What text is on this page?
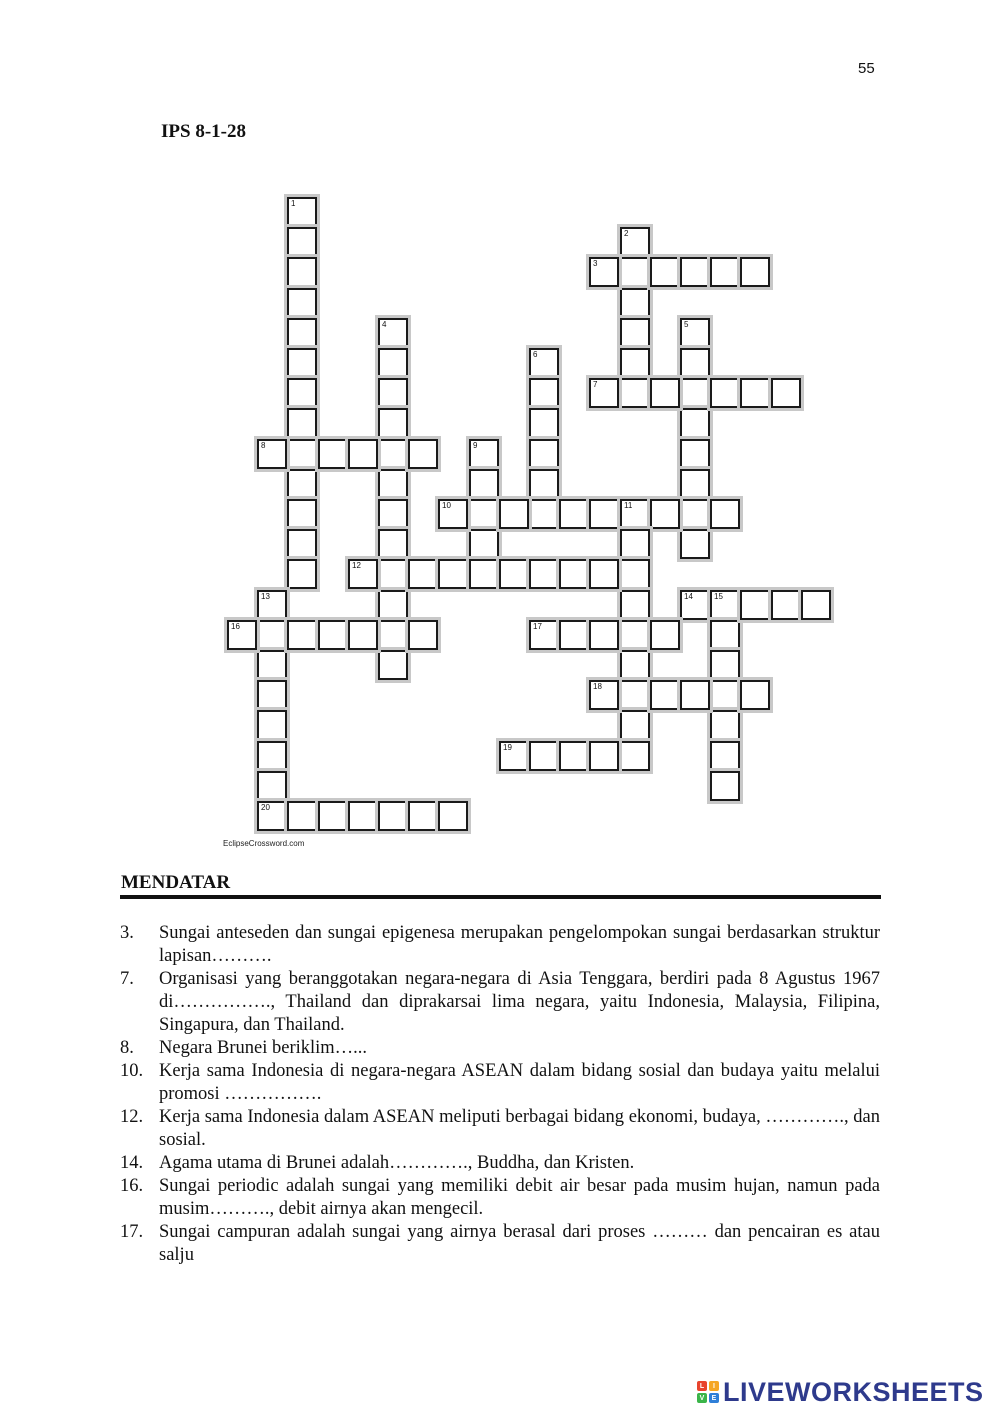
55
IPS 8-1-28
1
2
3
4	5
6
7
8	9
10	11
12
13	14	15
16	17
18
19
20
EclipseCrossword.com
MENDATAR
3.	Sungai anteseden dan sungai epigenesa merupakan pengelompokan sungai berdasarkan struktur lapisan……….
7.	Organisasi yang beranggotakan negara-negara di Asia Tenggara, berdiri pada 8 Agustus 1967 di……………., Thailand dan diprakarsai lima negara, yaitu Indonesia, Malaysia, Filipina, Singapura, dan Thailand.
8.	Negara Brunei beriklim…...
10. Kerja sama Indonesia di negara-negara ASEAN dalam bidang sosial dan budaya yaitu melalui promosi …………….
12. Kerja sama Indonesia dalam ASEAN meliputi berbagai bidang ekonomi, budaya, …………., dan sosial.
14. Agama utama di Brunei adalah…………., Buddha, dan Kristen.
16. Sungai periodic adalah sungai yang memiliki debit air besar pada musim hujan, namun pada musim………., debit airnya akan mengecil.
17. Sungai campuran adalah sungai yang airnya berasal dari proses ……… dan pencairan es atau salju
L	I
V	E LIVEWORKSHEETS
